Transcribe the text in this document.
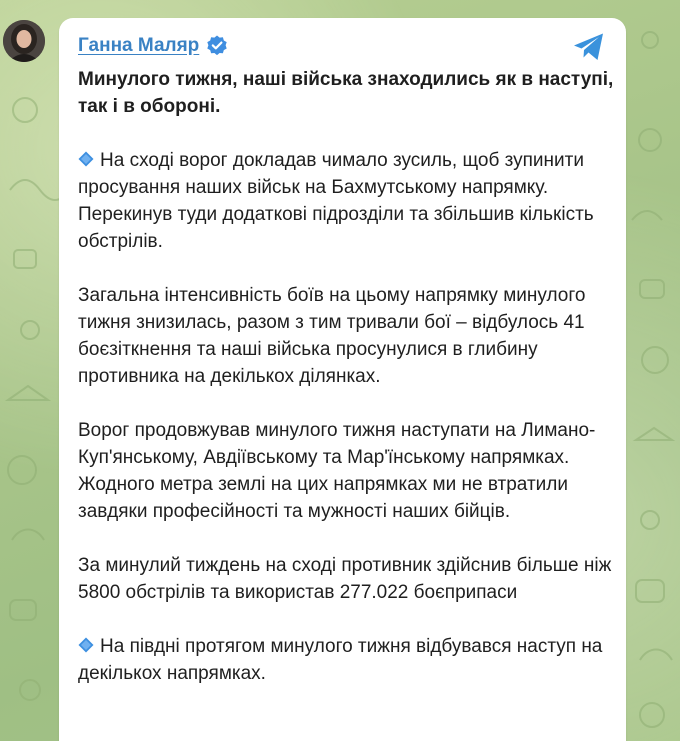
Ганна Маляр

Минулого тижня, наші війська знаходились як в наступі, так і в обороні.

На сході ворог докладав чимало зусиль, щоб зупинити просування наших військ на Бахмутському напрямку. Перекинув туди додаткові підрозділи та збільшив кількість обстрілів.

Загальна інтенсивність боїв на цьому напрямку минулого тижня знизилась, разом з тим тривали бої – відбулось 41 боєзіткнення та наші війська просунулися в глибину противника на декількох ділянках.

Ворог продовжував минулого тижня наступати на Лимано-Куп'янському, Авдіївському та Мар'їнському напрямках. Жодного метра землі на цих напрямках ми не втратили завдяки професійності та мужності наших бійців.

За минулий тиждень на сході противник здійснив більше ніж 5800 обстрілів та використав 277.022 боєприпаси

На півдні протягом минулого тижня відбувався наступ на декількох напрямках.
